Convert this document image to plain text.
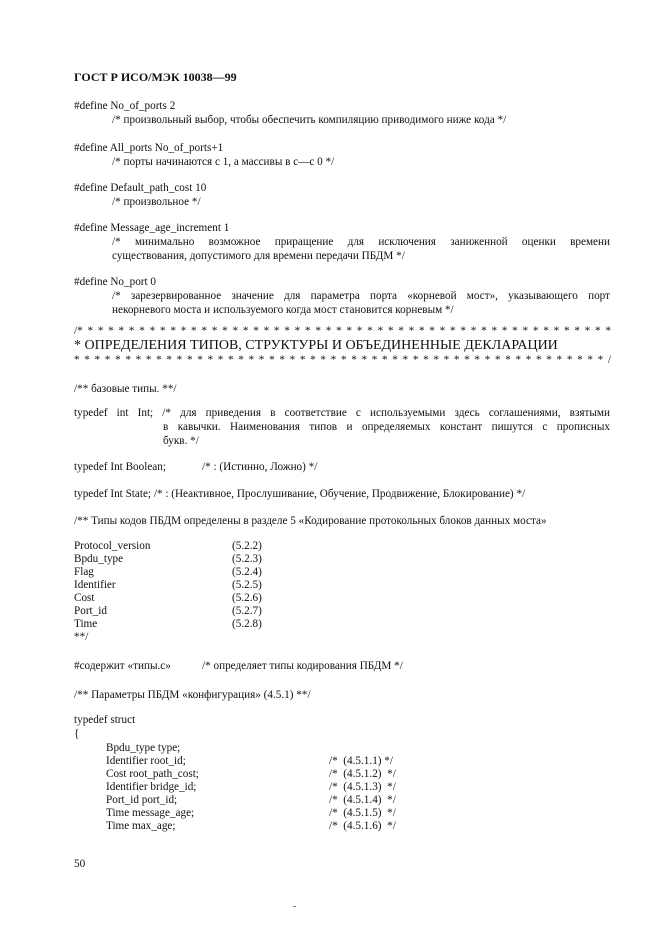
ГОСТ Р ИСО/МЭК 10038—99
#define No_of_ports 2
/* произвольный выбор, чтобы обеспечить компиляцию приводимого ниже кода */
#define All_ports No_of_ports+1
/* порты начинаются с 1, а массивы в с—с 0 */
#define Default_path_cost 10
/* произвольное */
#define Message_age_increment 1
/* минимально возможное приращение для исключения заниженной оценки времени
существования, допустимого для времени передачи ПБДМ */
#define No_port 0
/* зарезервированное значение для параметра порта «корневой мост», указывающего порт
некорневого моста и используемого когда мост становится корневым */
/* * * * * * * * * * * * * * * * * * * * * * * * * * * * * * * * * * * * * * * * * * * * * * * * * * * *
* ОПРЕДЕЛЕНИЯ ТИПОВ, СТРУКТУРЫ И ОБЪЕДИНЕННЫЕ ДЕКЛАРАЦИИ
* * * * * * * * * * * * * * * * * * * * * * * * * * * * * * * * * * * * * * * * * * * * * * * * * * * * /
/** базовые типы. **/
typedef int Int; /* для приведения в соответствие с используемыми здесь соглашениями, взятыми
в кавычки. Наименования типов и определяемых констант пишутся с прописных
букв. */
typedef Int Boolean;	/* : (Истинно, Ложно) */
typedef Int State; /* : (Неактивное, Прослушивание, Обучение, Продвижение, Блокирование) */
/** Типы кодов ПБДМ определены в разделе 5 «Кодирование протокольных блоков данных моста»
Protocol_version	(5.2.2)
Bpdu_type	(5.2.3)
Flag	(5.2.4)
Identifier	(5.2.5)
Cost	(5.2.6)
Port_id	(5.2.7)
Time	(5.2.8)
**/
#содержит «типы.с»	/* определяет типы кодирования ПБДМ */
/** Параметры ПБДМ «конфигурация» (4.5.1) **/
typedef struct
{
Bpdu_type type;
Identifier root_id;	/*  (4.5.1.1) */
Cost root_path_cost;	/*  (4.5.1.2)  */
Identifier bridge_id;	/*  (4.5.1.3)  */
Port_id port_id;	/*  (4.5.1.4)  */
Time message_age;	/*  (4.5.1.5)  */
Time max_age;	/*  (4.5.1.6)  */
50
